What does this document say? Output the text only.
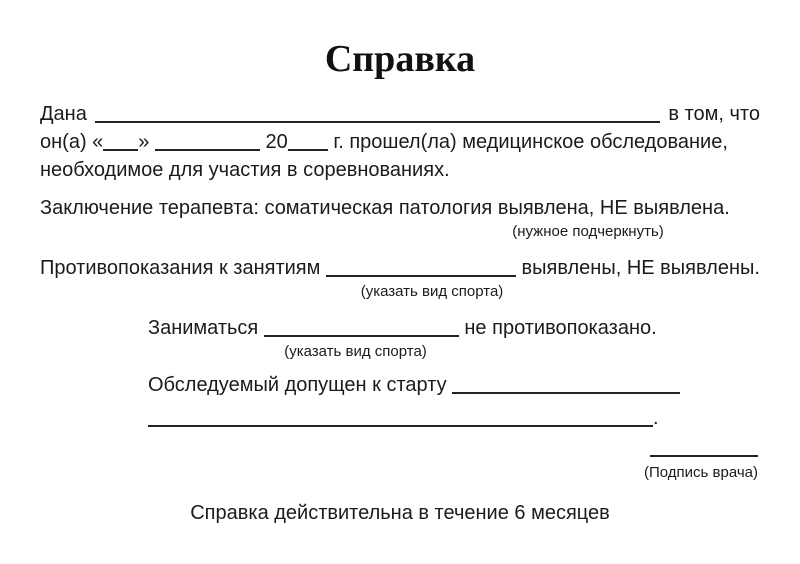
Справка

Дана	в том, что

он(а) « »	20 г. прошел(ла) медицинское обследование,

необходимое для участия в соревнованиях.

Заключение терапевта: соматическая патология выявлена, НЕ выявлена.

(нужное подчеркнуть)

Противопоказания к занятиям	выявлены, НЕ выявлены.

(указать вид спорта)

Заниматься	не противопоказано.

(указать вид спорта)

Обследуемый допущен к старту

.

(Подпись врача)

Справка действительна в течение 6 месяцев
